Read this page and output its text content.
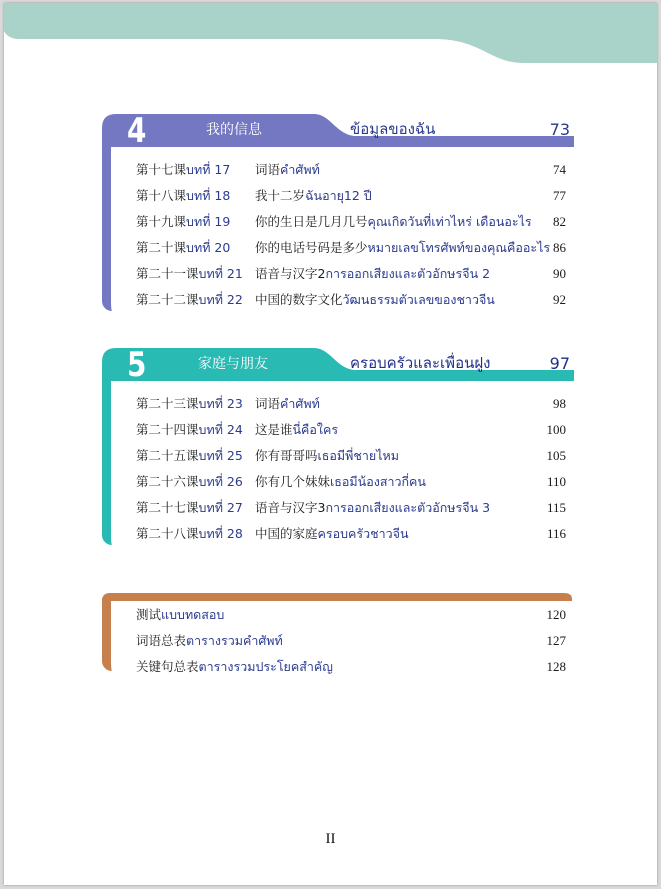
4	我的信息	ข้อมูลของฉัน	73
第十七课บทที่ 17 词语คำศัพท์	74
第十八课บทที่ 18 我十二岁ฉันอายุ12 ปี	77
第十九课บทที่ 19 你的生日是几月几号คุณเกิดวันที่เท่าไหร่ เดือนอะไร 82
第二十课บทที่ 20 你的电话号码是多少หมายเลขโทรศัพท์ของคุณคืออะไร 86
第二十一课บทที่ 21 语音与汉字2การออกเสียงและตัวอักษรจีน 2	90
第二十二课บทที่ 22 中国的数字文化วัฒนธรรมตัวเลขของชาวจีน	92
5	家庭与朋友	ครอบครัวและเพื่อนฝูง	97
第二十三课บทที่ 23 词语คำศัพท์	98
第二十四课บทที่ 24 这是谁นี่คือใคร	100
第二十五课บทที่ 25 你有哥哥吗เธอมีพี่ชายไหม	105
第二十六课บทที่ 26 你有几个妹妹เธอมีน้องสาวกี่คน	110
第二十七课บทที่ 27 语音与汉字3การออกเสียงและตัวอักษรจีน 3	115
第二十八课บทที่ 28 中国的家庭ครอบครัวชาวจีน	116
测试แบบทดสอบ	120
词语总表ตารางรวมคำศัพท์	127
关键句总表ตารางรวมประโยคสำคัญ	128
II
